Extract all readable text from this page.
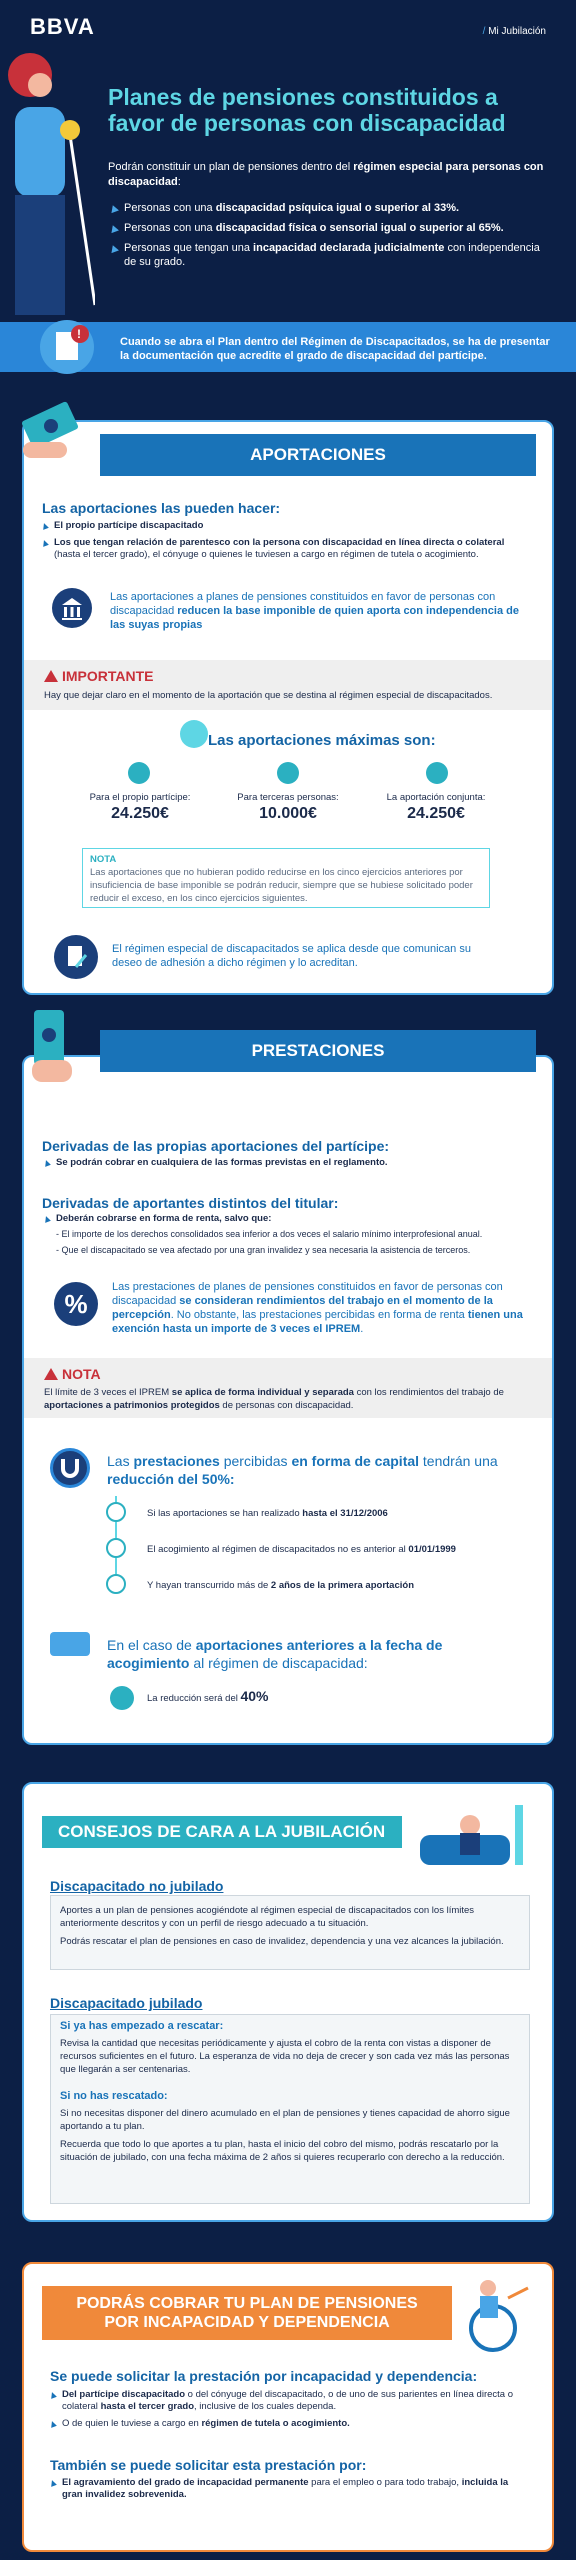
BBVA	/ Mi Jubilación
Planes de pensiones constituidos a favor de personas con discapacidad
Podrán constituir un plan de pensiones dentro del régimen especial para personas con discapacidad:
Personas con una discapacidad psíquica igual o superior al 33%.
Personas con una discapacidad física o sensorial igual o superior al 65%.
Personas que tengan una incapacidad declarada judicialmente con independencia de su grado.
!
Cuando se abra el Plan dentro del Régimen de Discapacitados, se ha de presentar la documentación que acredite el grado de discapacidad del partícipe.
APORTACIONES
Las aportaciones las pueden hacer:
El propio partícipe discapacitado
Los que tengan relación de parentesco con la persona con discapacidad en línea directa o colateral (hasta el tercer grado), el cónyuge o quienes le tuviesen a cargo en régimen de tutela o acogimiento.
Las aportaciones a planes de pensiones constituidos en favor de personas con discapacidad reducen la base imponible de quien aporta con independencia de las suyas propias
IMPORTANTE
Hay que dejar claro en el momento de la aportación que se destina al régimen especial de discapacitados.
Las aportaciones máximas son:
Para el propio partícipe:
24.250€
Para terceras personas:
10.000€
La aportación conjunta:
24.250€
NOTA
Las aportaciones que no hubieran podido reducirse en los cinco ejercicios anteriores por insuficiencia de base imponible se podrán reducir, siempre que se hubiese solicitado poder reducir el exceso, en los cinco ejercicios siguientes.
El régimen especial de discapacitados se aplica desde que comunican su deseo de adhesión a dicho régimen y lo acreditan.
PRESTACIONES
Derivadas de las propias aportaciones del partícipe:
Se podrán cobrar en cualquiera de las formas previstas en el reglamento.
Derivadas de aportantes distintos del titular:
Deberán cobrarse en forma de renta, salvo que:
- El importe de los derechos consolidados sea inferior a dos veces el salario mínimo interprofesional anual.
- Que el discapacitado se vea afectado por una gran invalidez y sea necesaria la asistencia de terceros.
%
Las prestaciones de planes de pensiones constituidos en favor de personas con discapacidad se consideran rendimientos del trabajo en el momento de la percepción. No obstante, las prestaciones percibidas en forma de renta tienen una exención hasta un importe de 3 veces el IPREM.
NOTA
El límite de 3 veces el IPREM se aplica de forma individual y separada con los rendimientos del trabajo de aportaciones a patrimonios protegidos de personas con discapacidad.
Las prestaciones percibidas en forma de capital tendrán una reducción del 50%:
Si las aportaciones se han realizado hasta el 31/12/2006
El acogimiento al régimen de discapacitados no es anterior al 01/01/1999
Y hayan transcurrido más de 2 años de la primera aportación
En el caso de aportaciones anteriores a la fecha de acogimiento al régimen de discapacidad:
La reducción será del 40%
CONSEJOS DE CARA A LA JUBILACIÓN
Discapacitado no jubilado
Aportes a un plan de pensiones acogiéndote al régimen especial de discapacitados con los límites anteriormente descritos y con un perfil de riesgo adecuado a tu situación.
Podrás rescatar el plan de pensiones en caso de invalidez, dependencia y una vez alcances la jubilación.
Discapacitado jubilado
Si ya has empezado a rescatar:
Revisa la cantidad que necesitas periódicamente y ajusta el cobro de la renta con vistas a disponer de recursos suficientes en el futuro. La esperanza de vida no deja de crecer y son cada vez más las personas que llegarán a ser centenarias.
Si no has rescatado:
Si no necesitas disponer del dinero acumulado en el plan de pensiones y tienes capacidad de ahorro sigue aportando a tu plan.
Recuerda que todo lo que aportes a tu plan, hasta el inicio del cobro del mismo, podrás rescatarlo por la situación de jubilado, con una fecha máxima de 2 años si quieres recuperarlo con derecho a la reducción.
PODRÁS COBRAR TU PLAN DE PENSIONES
POR INCAPACIDAD Y DEPENDENCIA
Se puede solicitar la prestación por incapacidad y dependencia:
Del partícipe discapacitado o del cónyuge del discapacitado, o de uno de sus parientes en línea directa o colateral hasta el tercer grado, inclusive de los cuales dependa.
O de quien le tuviese a cargo en régimen de tutela o acogimiento.
También se puede solicitar esta prestación por:
El agravamiento del grado de incapacidad permanente para el empleo o para todo trabajo, incluida la gran invalidez sobrevenida.
